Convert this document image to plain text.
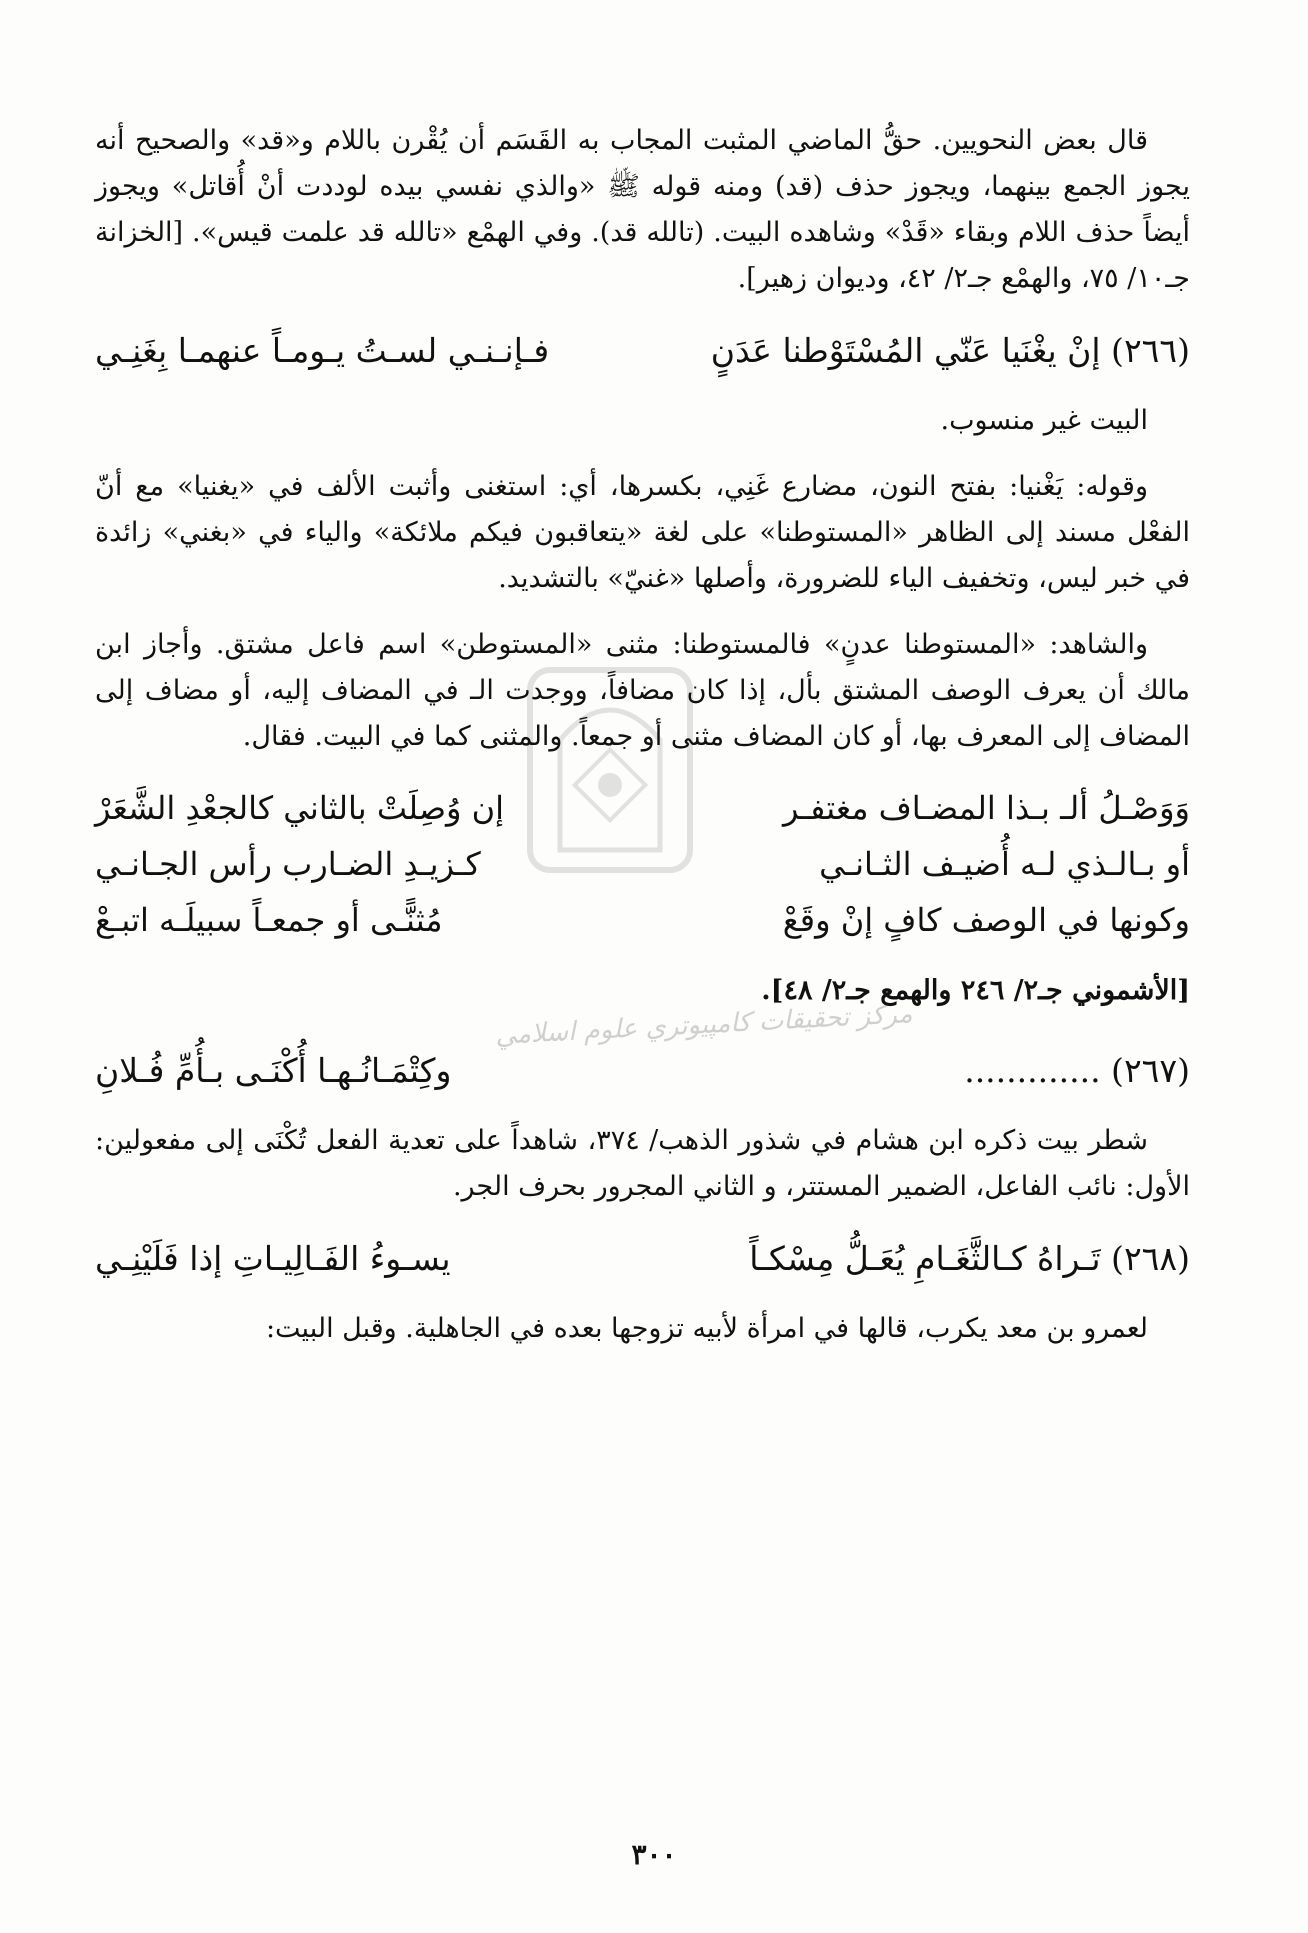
مركز تحقيقات كامپيوتري علوم اسلامي

قال بعض النحويين. حقُّ الماضي المثبت المجاب به القَسَم أن يُقْرن باللام و«قد» والصحيح أنه يجوز الجمع بينهما، ويجوز حذف (قد) ومنه قوله ﷺ «والذي نفسي بيده لوددت أنْ أُقاتل» ويجوز أيضاً حذف اللام وبقاء «قَدْ» وشاهده البيت. (تالله قد). وفي الهمْع «تالله قد علمت قيس». [الخزانة جـ١٠/ ٧٥، والهمْع جـ٢/ ٤٢، وديوان زهير].

(٢٦٦) إنْ يغْنَيا عَنّي المُسْتَوْطنا عَدَنٍ
فـإنـنـي لسـتُ يـومـاً عنهمـا بِغَنِـي

البيت غير منسوب.

وقوله: يَغْنيا: بفتح النون، مضارع غَنِي، بكسرها، أي: استغنى وأثبت الألف في «يغنيا» مع أنّ الفعْل مسند إلى الظاهر «المستوطنا» على لغة «يتعاقبون فيكم ملائكة» والياء في «بغني» زائدة في خبر ليس، وتخفيف الياء للضرورة، وأصلها «غنيّ» بالتشديد.

والشاهد: «المستوطنا عدنٍ» فالمستوطنا: مثنى «المستوطن» اسم فاعل مشتق. وأجاز ابن مالك أن يعرف الوصف المشتق بأل، إذا كان مضافاً، ووجدت الـ في المضاف إليه، أو مضاف إلى المضاف إلى المعرف بها، أو كان المضاف مثنى أو جمعاً. والمثنى كما في البيت. فقال.

وَوَصْـلُ ألـ بـذا المضـاف مغتفـر
إن وُصِلَتْ بالثاني كالجعْدِ الشَّعَرْ
أو بـالـذي لـه أُضيـف الثـانـي
كـزيـدِ الضـارب رأس الجـانـي
وكونها في الوصف كافٍ إنْ وقَعْ
مُثنًّـى أو جمعـاً سبيلَـه اتبـعْ

[الأشموني جـ٢/ ٢٤٦ والهمع جـ٢/ ٤٨].

(٢٦٧) .............
وكِتْمَـانُـهـا أُكْنَـى بـأُمِّ فُـلانِ

شطر بيت ذكره ابن هشام في شذور الذهب/ ٣٧٤، شاهداً على تعدية الفعل تُكْنَى إلى مفعولين: الأول: نائب الفاعل، الضمير المستتر، و الثاني المجرور بحرف الجر.

(٢٦٨) تَـراهُ كـالثَّغَـامِ يُعَـلُّ مِسْكـاً
يسـوءُ الفَـالِيـاتِ إذا فَلَيْنِـي

لعمرو بن معد يكرب، قالها في امرأة لأبيه تزوجها بعده في الجاهلية. وقبل البيت:

٣٠٠
